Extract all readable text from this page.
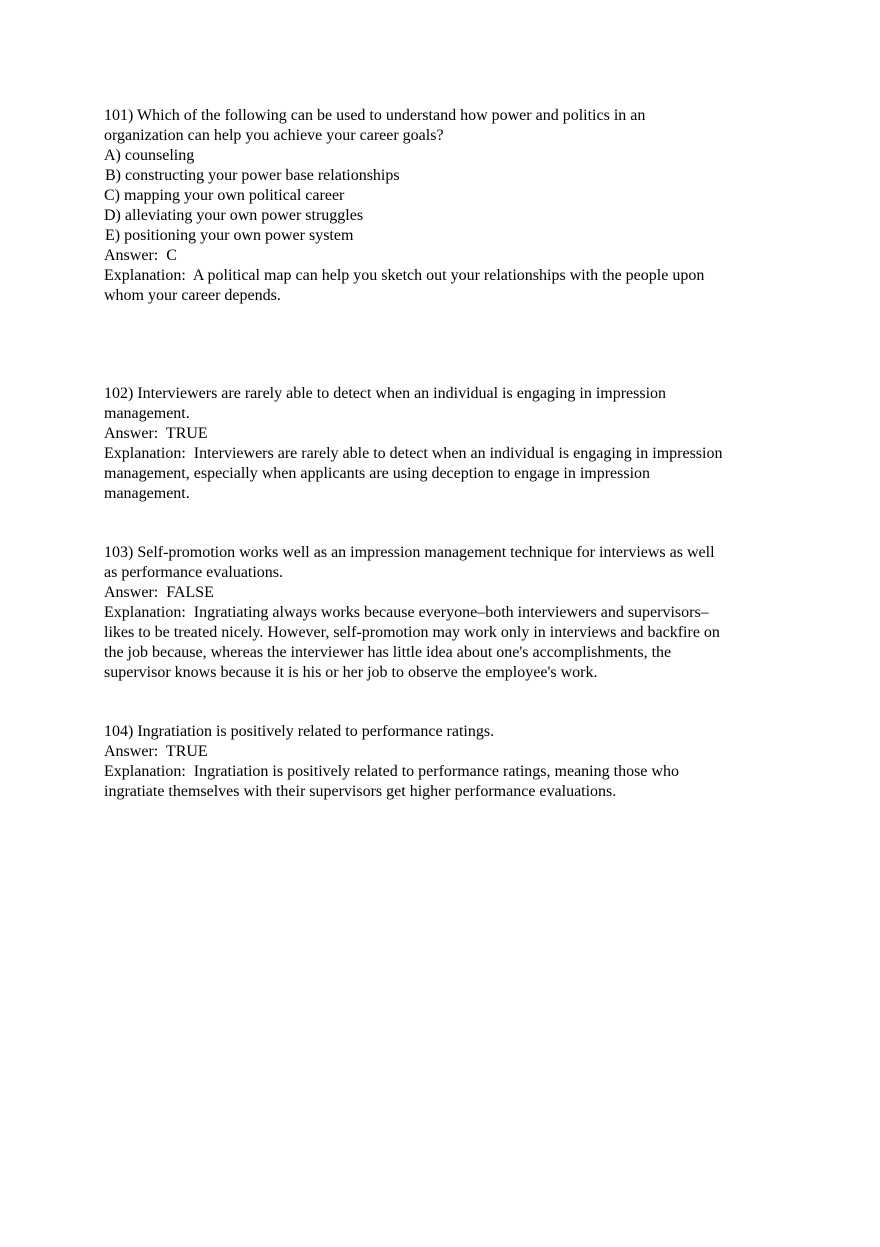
101) Which of the following can be used to understand how power and politics in an
organization can help you achieve your career goals?
A) counseling
B) constructing your power base relationships
C) mapping your own political career
D) alleviating your own power struggles
E) positioning your own power system
Answer:  C
Explanation:  A political map can help you sketch out your relationships with the people upon
whom your career depends.
102) Interviewers are rarely able to detect when an individual is engaging in impression
management.
Answer:  TRUE
Explanation:  Interviewers are rarely able to detect when an individual is engaging in impression
management, especially when applicants are using deception to engage in impression
management.
103) Self-promotion works well as an impression management technique for interviews as well
as performance evaluations.
Answer:  FALSE
Explanation:  Ingratiating always works because everyone–both interviewers and supervisors–
likes to be treated nicely. However, self-promotion may work only in interviews and backfire on
the job because, whereas the interviewer has little idea about one's accomplishments, the
supervisor knows because it is his or her job to observe the employee's work.
104) Ingratiation is positively related to performance ratings.
Answer:  TRUE
Explanation:  Ingratiation is positively related to performance ratings, meaning those who
ingratiate themselves with their supervisors get higher performance evaluations.
